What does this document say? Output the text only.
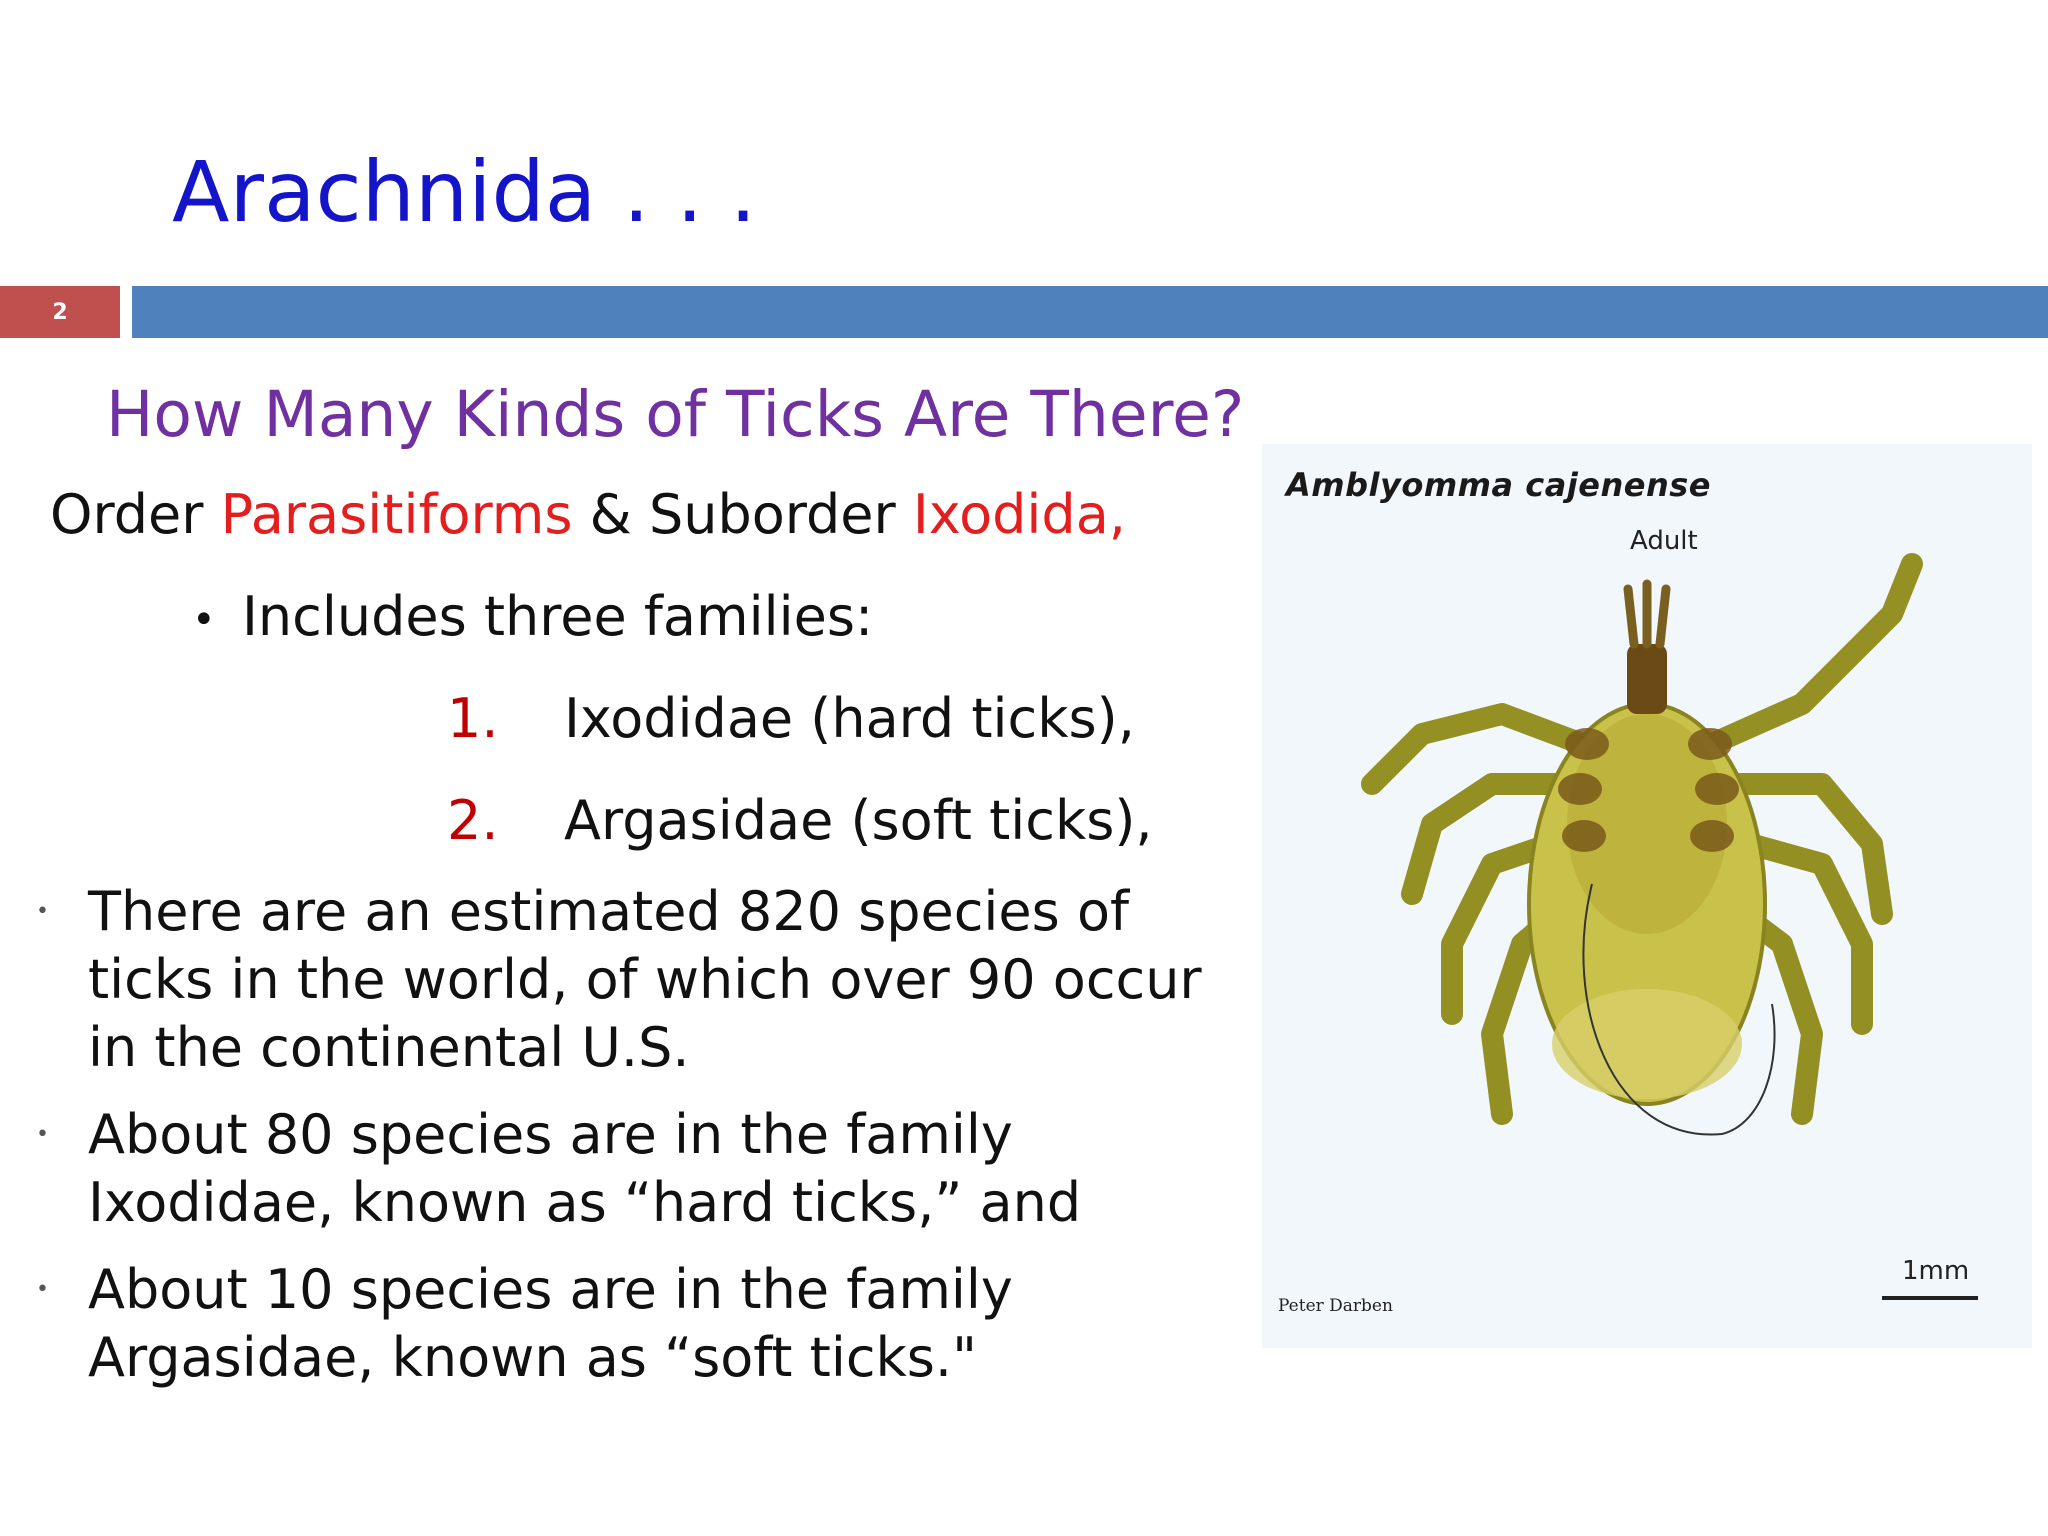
Arachnida . . .
2
How Many Kinds of Ticks Are There?
Order Parasitiforms & Suborder Ixodida,
• Includes three families:
1. Ixodidae (hard ticks),
2. Argasidae (soft ticks),
• There are an estimated 820 species of ticks in the world, of which over 90 occur in the continental U.S.
• About 80 species are in the family Ixodidae, known as “hard ticks,” and
• About 10 species are in the family Argasidae, known as “soft ticks."
Amblyomma cajenense
Adult
Peter Darben
1mm
